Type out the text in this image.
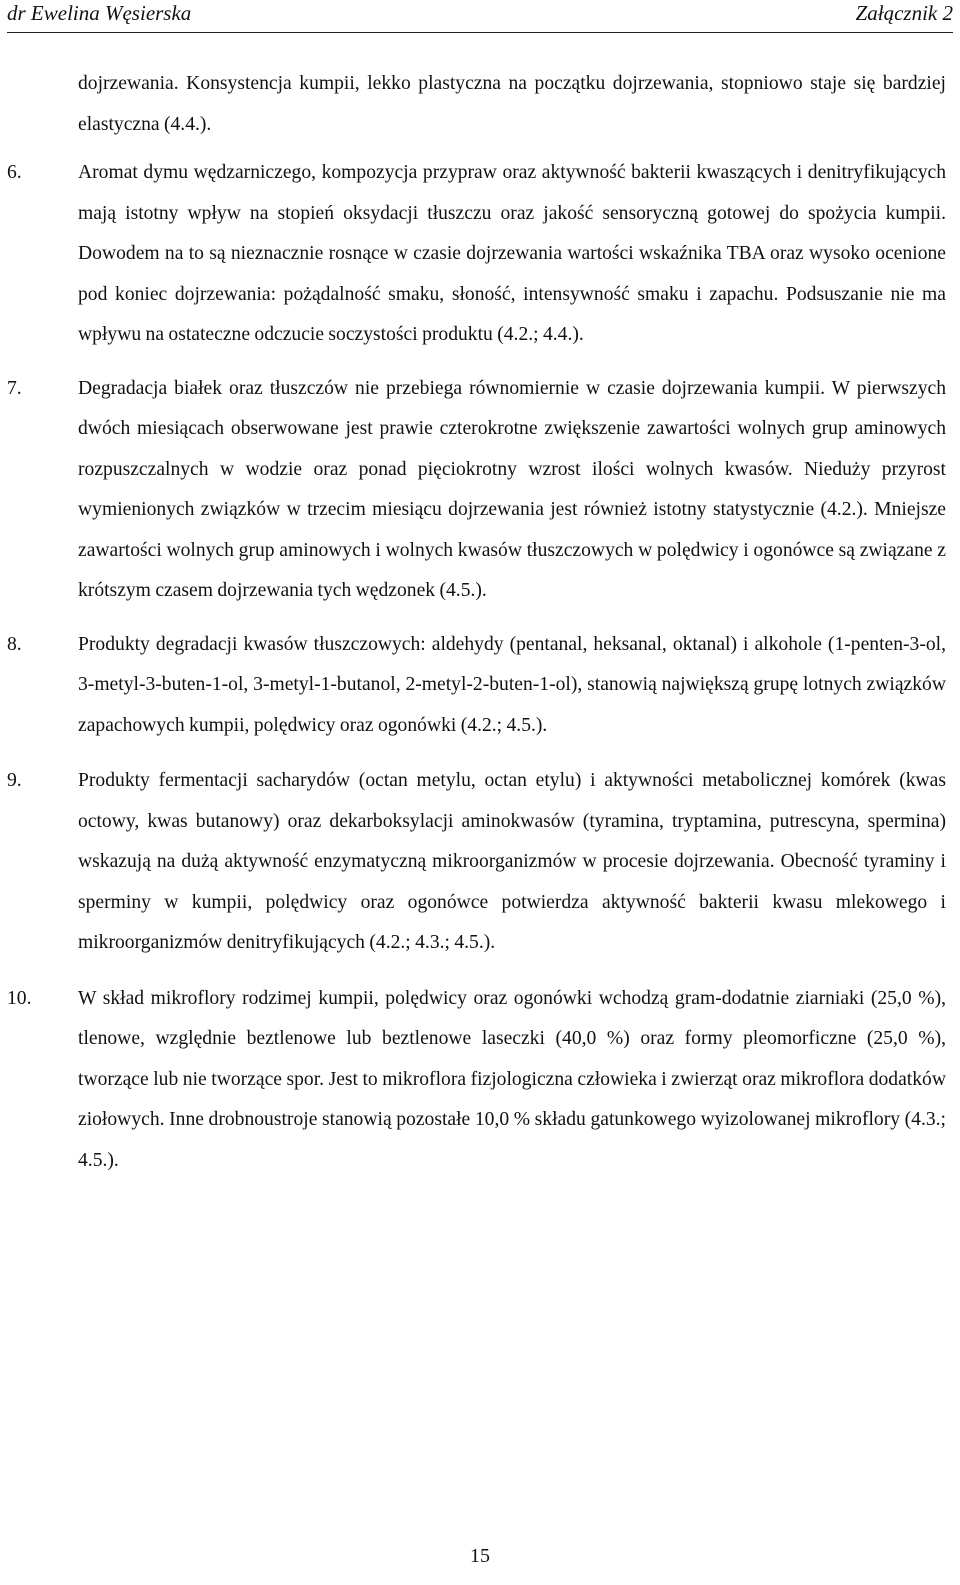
dr Ewelina Węsierska	Załącznik 2

dojrzewania. Konsystencja kumpii, lekko plastyczna na początku dojrzewania, stopniowo staje się bardziej elastyczna (4.4.).

6.	Aromat dymu wędzarniczego, kompozycja przypraw oraz aktywność bakterii kwaszących i denitryfikujących mają istotny wpływ na stopień oksydacji tłuszczu oraz jakość sensoryczną gotowej do spożycia kumpii. Dowodem na to są nieznacznie rosnące w czasie dojrzewania wartości wskaźnika TBA oraz wysoko ocenione pod koniec dojrzewania: pożądalność smaku, słoność, intensywność smaku i zapachu. Podsuszanie nie ma wpływu na ostateczne odczucie soczystości produktu (4.2.; 4.4.).
7.	Degradacja białek oraz tłuszczów nie przebiega równomiernie w czasie dojrzewania kumpii. W pierwszych dwóch miesiącach obserwowane jest prawie czterokrotne zwiększenie zawartości wolnych grup aminowych rozpuszczalnych w wodzie oraz ponad pięciokrotny wzrost ilości wolnych kwasów. Nieduży przyrost wymienionych związków w trzecim miesiącu dojrzewania jest również istotny statystycznie (4.2.). Mniejsze zawartości wolnych grup aminowych i wolnych kwasów tłuszczowych w polędwicy i ogonówce są związane z krótszym czasem dojrzewania tych wędzonek (4.5.).
8.	Produkty degradacji kwasów tłuszczowych: aldehydy (pentanal, heksanal, oktanal) i alkohole (1-penten-3-ol, 3-metyl-3-buten-1-ol, 3-metyl-1-butanol, 2-metyl-2-buten-1-ol), stanowią największą grupę lotnych związków zapachowych kumpii, polędwicy oraz ogonówki (4.2.; 4.5.).
9.	Produkty fermentacji sacharydów (octan metylu, octan etylu) i aktywności metabolicznej komórek (kwas octowy, kwas butanowy) oraz dekarboksylacji aminokwasów (tyramina, tryptamina, putrescyna, spermina) wskazują na dużą aktywność enzymatyczną mikroorganizmów w procesie dojrzewania. Obecność tyraminy i sperminy w kumpii, polędwicy oraz ogonówce potwierdza aktywność bakterii kwasu mlekowego i mikroorganizmów denitryfikujących (4.2.; 4.3.; 4.5.).
10. W skład mikroflory rodzimej kumpii, polędwicy oraz ogonówki wchodzą gram-dodatnie ziarniaki (25,0 %), tlenowe, względnie beztlenowe lub beztlenowe laseczki (40,0 %) oraz formy pleomorficzne (25,0 %), tworzące lub nie tworzące spor. Jest to mikroflora fizjologiczna człowieka i zwierząt oraz mikroflora dodatków ziołowych. Inne drobnoustroje stanowią pozostałe 10,0 % składu gatunkowego wyizolowanej mikroflory (4.3.; 4.5.).
15
